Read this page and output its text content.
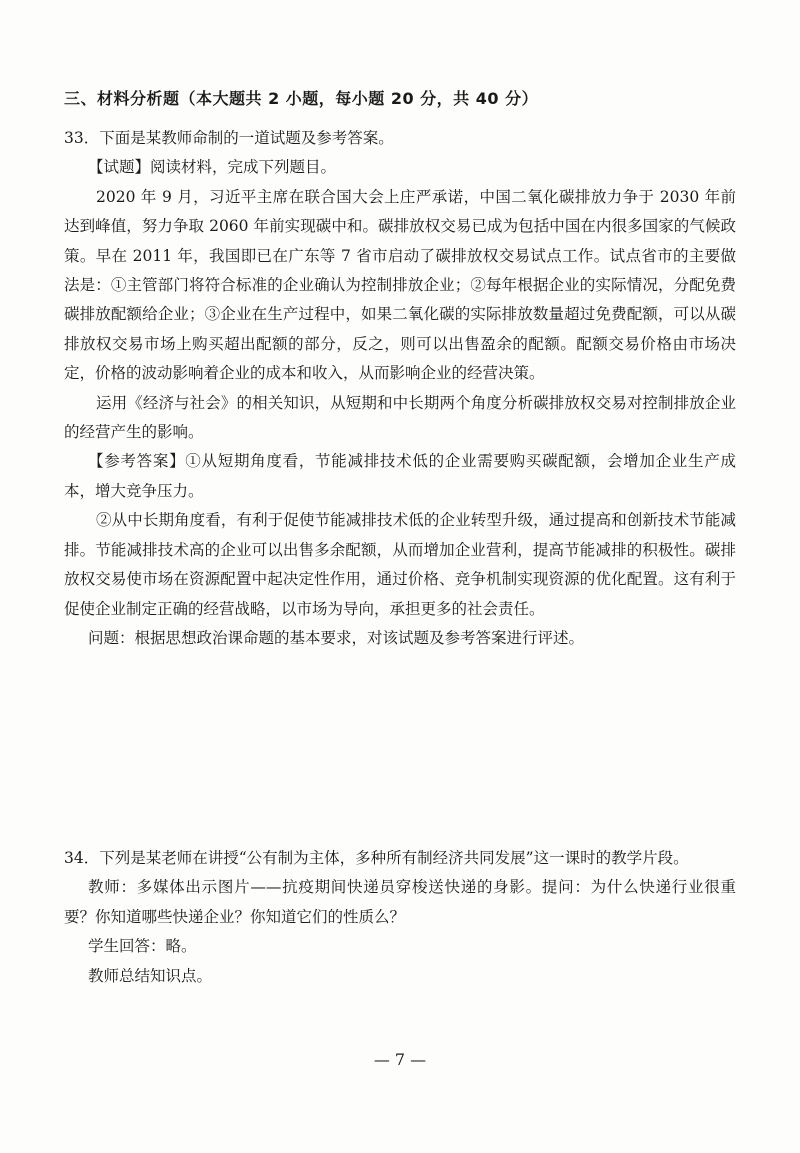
三、材料分析题（本大题共 2 小题，每小题 20 分，共 40 分）

33．下面是某教师命制的一道试题及参考答案。

【试题】阅读材料，完成下列题目。

2020 年 9 月，习近平主席在联合国大会上庄严承诺，中国二氧化碳排放力争于 2030 年前达到峰值，努力争取 2060 年前实现碳中和。碳排放权交易已成为包括中国在内很多国家的气候政策。早在 2011 年，我国即已在广东等 7 省市启动了碳排放权交易试点工作。试点省市的主要做法是：①主管部门将符合标准的企业确认为控制排放企业；②每年根据企业的实际情况，分配免费碳排放配额给企业；③企业在生产过程中，如果二氧化碳的实际排放数量超过免费配额，可以从碳排放权交易市场上购买超出配额的部分，反之，则可以出售盈余的配额。配额交易价格由市场决定，价格的波动影响着企业的成本和收入，从而影响企业的经营决策。

运用《经济与社会》的相关知识，从短期和中长期两个角度分析碳排放权交易对控制排放企业的经营产生的影响。

【参考答案】①从短期角度看，节能减排技术低的企业需要购买碳配额，会增加企业生产成本，增大竞争压力。

②从中长期角度看，有利于促使节能减排技术低的企业转型升级，通过提高和创新技术节能减排。节能减排技术高的企业可以出售多余配额，从而增加企业营利，提高节能减排的积极性。碳排放权交易使市场在资源配置中起决定性作用，通过价格、竞争机制实现资源的优化配置。这有利于促使企业制定正确的经营战略，以市场为导向，承担更多的社会责任。

问题：根据思想政治课命题的基本要求，对该试题及参考答案进行评述。

34．下列是某老师在讲授“公有制为主体，多种所有制经济共同发展”这一课时的教学片段。

教师：多媒体出示图片——抗疫期间快递员穿梭送快递的身影。提问：为什么快递行业很重要？你知道哪些快递企业？你知道它们的性质么？

学生回答：略。

教师总结知识点。

— 7 —
